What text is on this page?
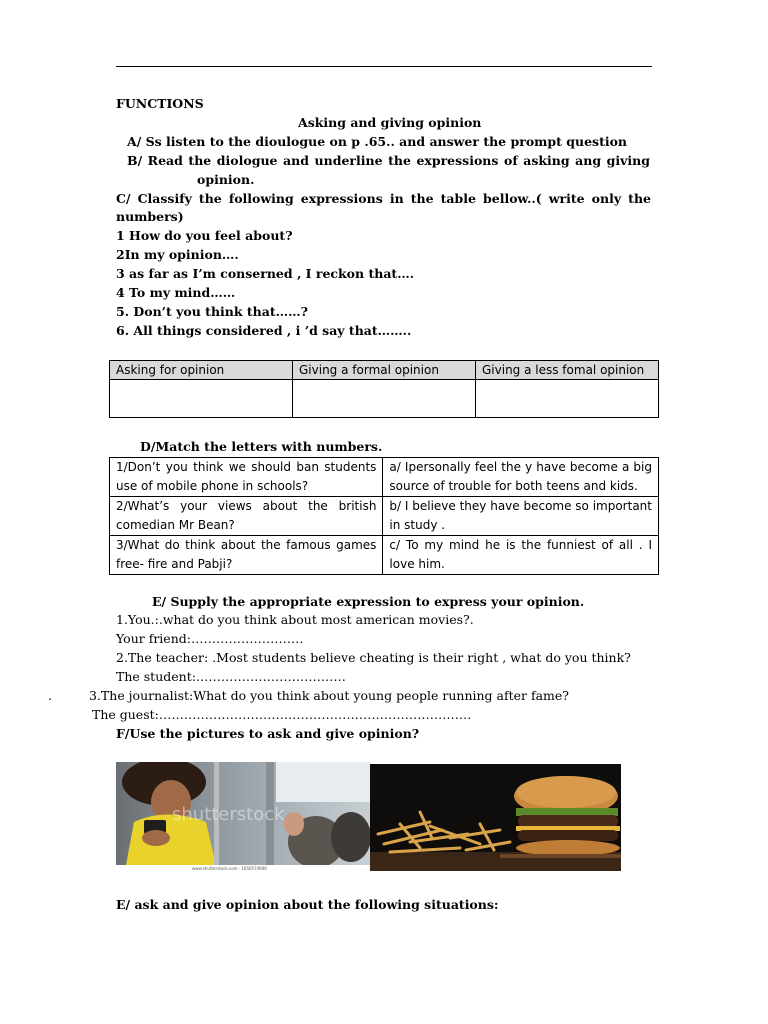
FUNCTIONS
Asking and giving opinion
A/ Ss listen to the dioulogue on p .65.. and answer the prompt question
B/ Read the diologue and underline the expressions of asking ang giving
opinion.
C/ Classify the following expressions in the table bellow..( write only the
numbers)
1 How do you feel about?
2In my opinion….
3 as far as I’m conserned , I reckon that….
4 To my mind……
5. Don’t you think that……?
6. All things considered , i ’d say that……..
Asking for opinion	Giving a formal opinion	Giving a less fomal opinion

D/Match the letters with numbers.
1/Don’t you think we should ban students
use of mobile phone in schools?	a/ Ipersonally feel the y have become a big
source of trouble for both teens and kids.

2/What’s your views about the british
comedian Mr Bean?	b/ I believe they have become so important
in study .

3/What do think about the famous games
free- fire and Pabji?	c/ To my mind he is the funniest of all . I
love him.
E/ Supply the appropriate expression to express your opinion.
1.You.:.what do you think about most american movies?.
Your friend:………………………
2.The teacher: .Most students believe cheating is their right , what do you think?
The student:………………………………
.	3.The journalist:What do you think about young people running after fame?
The guest:…………………………………………………………………
F/Use the pictures to ask and give opinion?
shutterstock
www.shutterstock.com · 1650574906
E/ ask and give opinion about the following situations:
